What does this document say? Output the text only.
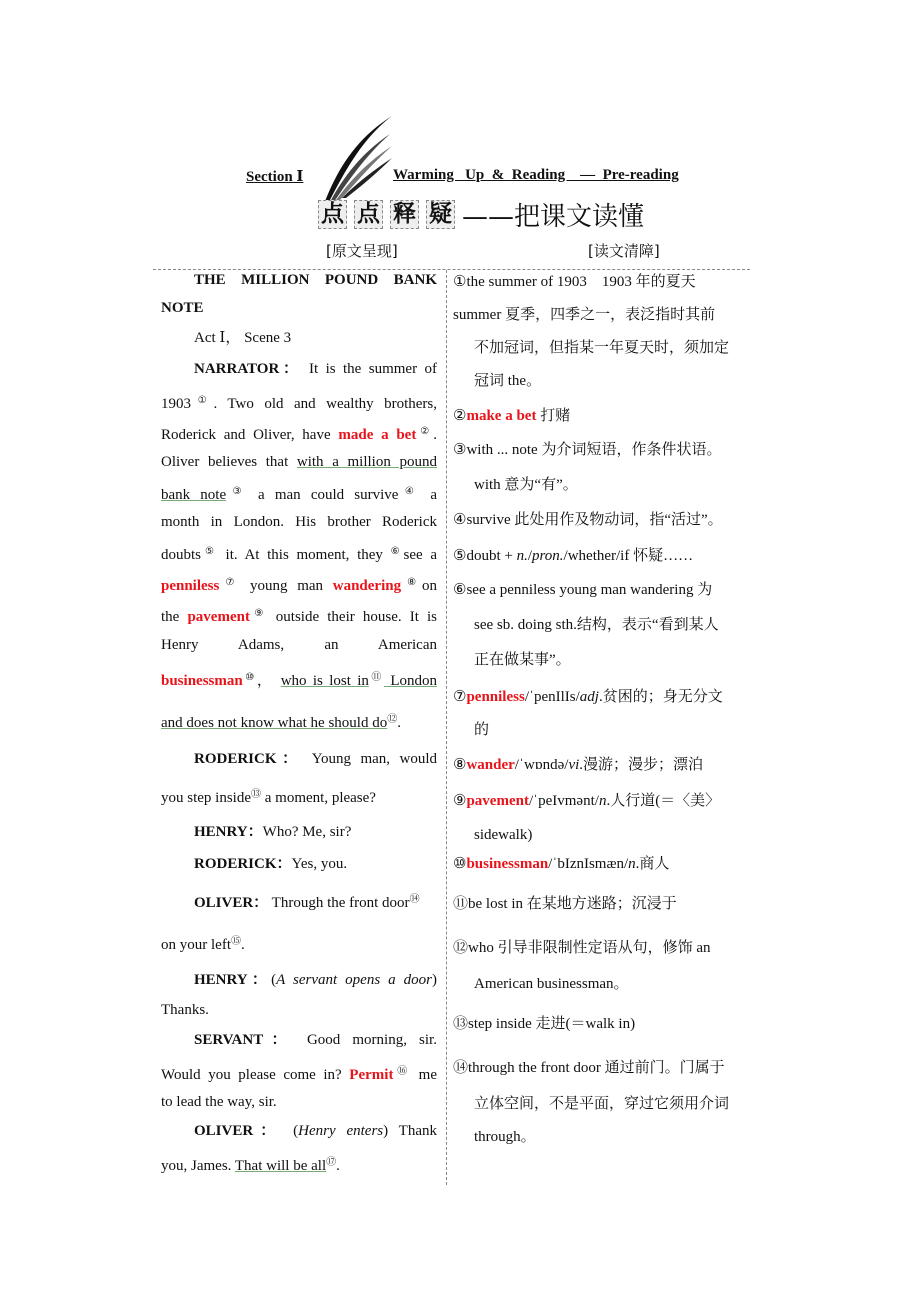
Section Ⅰ	Warming   Up  &  Reading    —  Pre-reading
点 点 释 疑 ——把课文读懂
[原文呈现]	[读文清障]
THE MILLION POUND BANK
NOTE
Act Ⅰ， Scene 3
NARRATOR： It is the summer of
1903①. Two old and wealthy brothers,
Roderick and Oliver, have made a bet②.
Oliver believes that with a million pound
bank note③ a man could survive④ a
month in London. His brother Roderick
doubts⑤ it. At this moment, they ⑥see a
penniless⑦ young man wandering⑧on
the pavement⑨ outside their house. It is
Henry Adams, an American
businessman⑩， who is lost in⑪ London
and does not know what he should do⑫.
RODERICK： Young man, would
you step inside⑬ a moment, please?
HENRY：Who? Me, sir?
RODERICK：Yes, you.
OLIVER： Through the front door⑭
on your left⑮.
HENRY：(A servant opens a door)
Thanks.
SERVANT： Good morning, sir.
Would you please come in? Permit⑯ me
to lead the way, sir.
OLIVER： (Henry enters) Thank
you, James. That will be all⑰.
①the summer of 1903　1903 年的夏天
summer 夏季，四季之一，表泛指时其前
不加冠词，但指某一年夏天时，须加定
冠词 the。
②make a bet 打赌
③with ... note 为介词短语，作条件状语。
with 意为“有”。
④survive 此处用作及物动词，指“活过”。
⑤doubt + n./pron./whether/if 怀疑……
⑥see a penniless young man wandering 为
see sb. doing sth.结构，表示“看到某人
正在做某事”。
⑦penniless/ˈpenIlIs/adj.贫困的；身无分文
的
⑧wander/ˈwɒndə/vi.漫游；漫步；漂泊
⑨pavement/ˈpeIvmənt/n.人行道(＝〈美〉
sidewalk)
⑩businessman/ˈbIznIsmæn/n.商人
⑪be lost in 在某地方迷路；沉浸于
⑫who 引导非限制性定语从句，修饰 an
American businessman。
⑬step inside 走进(＝walk in)
⑭through the front door 通过前门。门属于
立体空间，不是平面，穿过它须用介词
through。
